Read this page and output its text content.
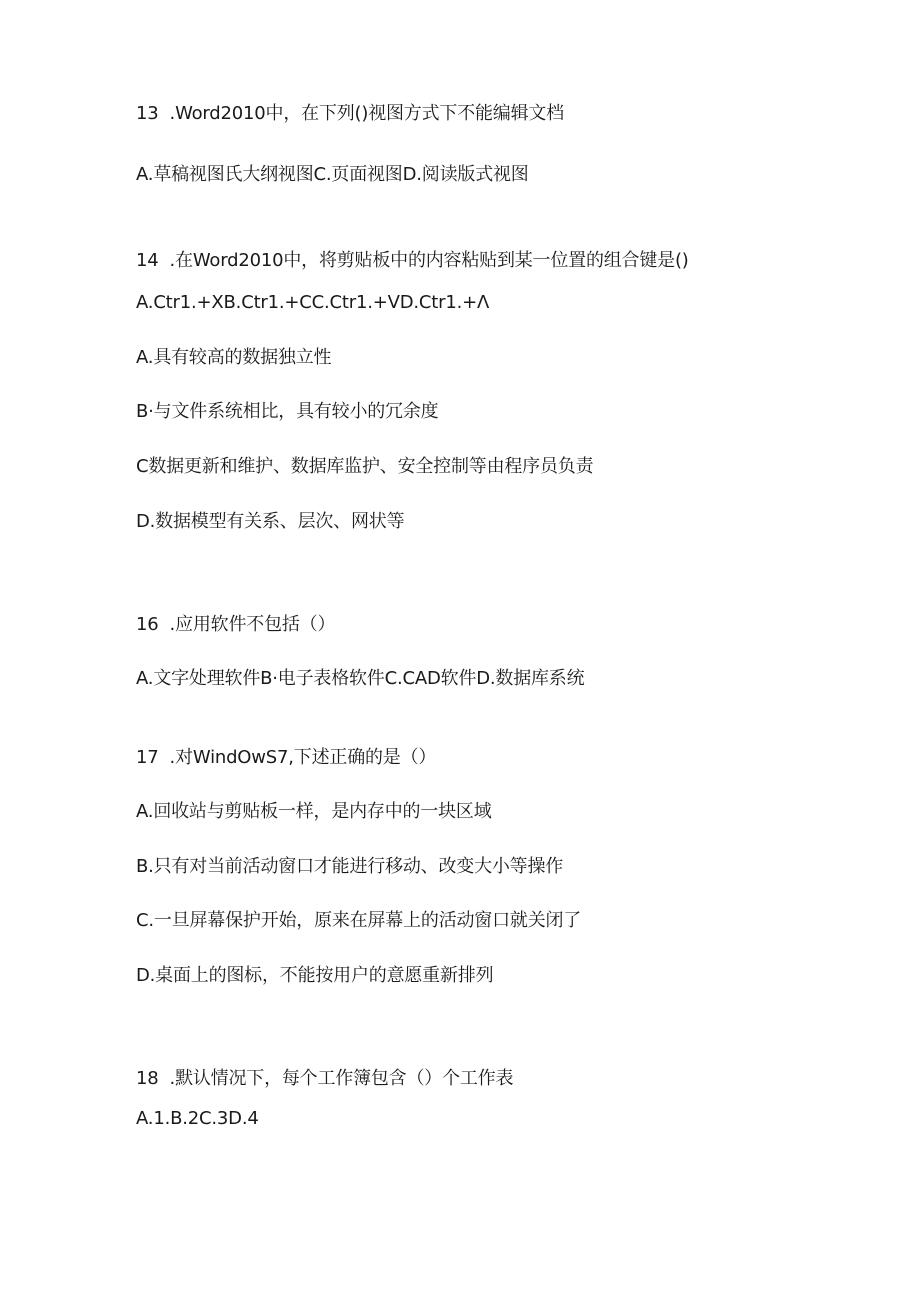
13  .Word2010中，在下列()视图方式下不能编辑文档
A.草稿视图氏大纲视图C.页面视图D.阅读版式视图
14  .在Word2010中，将剪贴板中的内容粘贴到某一位置的组合键是()
A.Ctr1.+XB.Ctr1.+CC.Ctr1.+VD.Ctr1.+Λ
A.具有较高的数据独立性
B·与文件系统相比，具有较小的冗余度
C数据更新和维护、数据库监护、安全控制等由程序员负责
D.数据模型有关系、层次、网状等
16  .应用软件不包括（）
A.文字处理软件B·电子表格软件C.CAD软件D.数据库系统
17  .对WindOwS7,下述正确的是（）
A.回收站与剪贴板一样，是内存中的一块区域
B.只有对当前活动窗口才能进行移动、改变大小等操作
C.一旦屏幕保护开始，原来在屏幕上的活动窗口就关闭了
D.桌面上的图标，不能按用户的意愿重新排列
18  .默认情况下，每个工作簿包含（）个工作表
A.1.B.2C.3D.4
